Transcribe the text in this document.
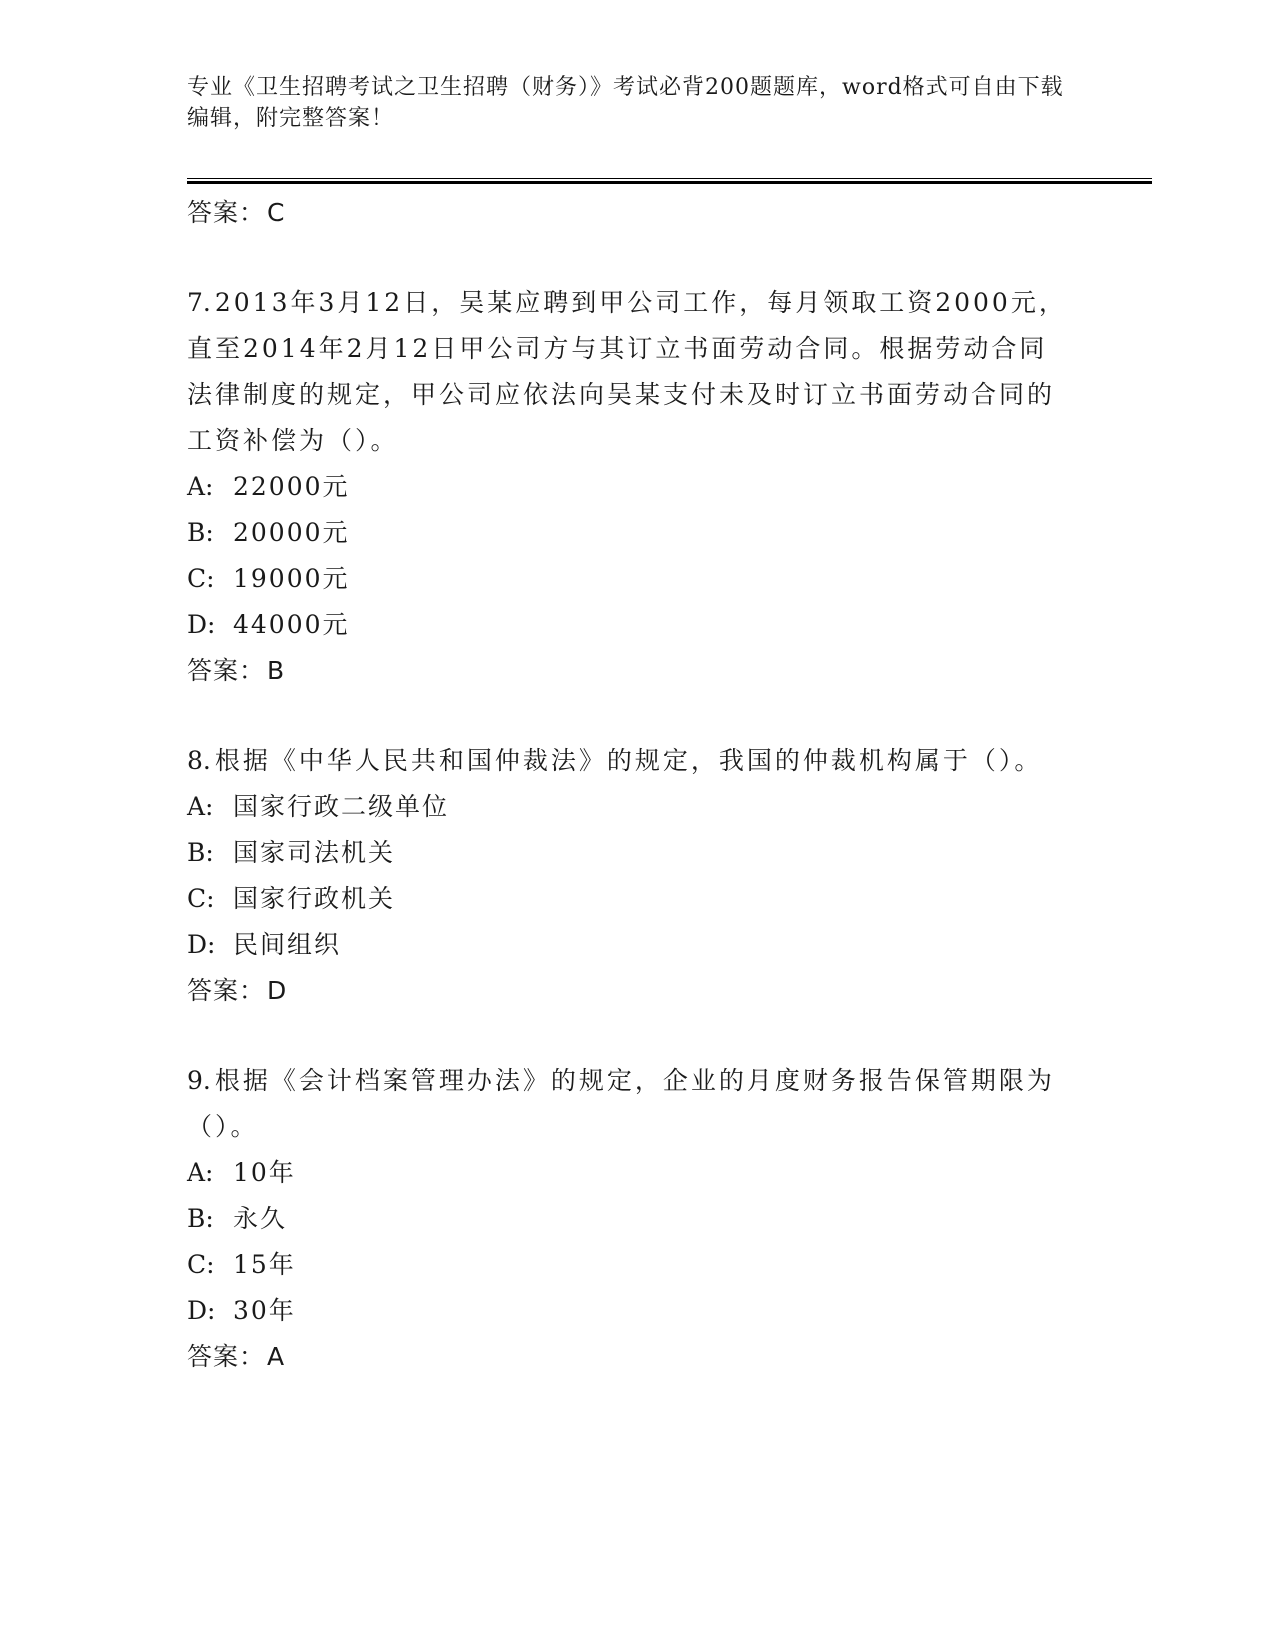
专业《卫生招聘考试之卫生招聘（财务）》考试必背200题题库，word格式可自由下载编辑，附完整答案！
答案：C
7. 2013年3月12日，吴某应聘到甲公司工作，每月领取工资2000元，直至2014年2月12日甲公司方与其订立书面劳动合同。根据劳动合同法律制度的规定，甲公司应依法向吴某支付未及时订立书面劳动合同的工资补偿为（）。
A: 22000元
B: 20000元
C: 19000元
D: 44000元
答案：B
8. 根据《中华人民共和国仲裁法》的规定，我国的仲裁机构属于（）。
A: 国家行政二级单位
B: 国家司法机关
C: 国家行政机关
D: 民间组织
答案：D
9. 根据《会计档案管理办法》的规定，企业的月度财务报告保管期限为（）。
A: 10年
B: 永久
C: 15年
D: 30年
答案：A
